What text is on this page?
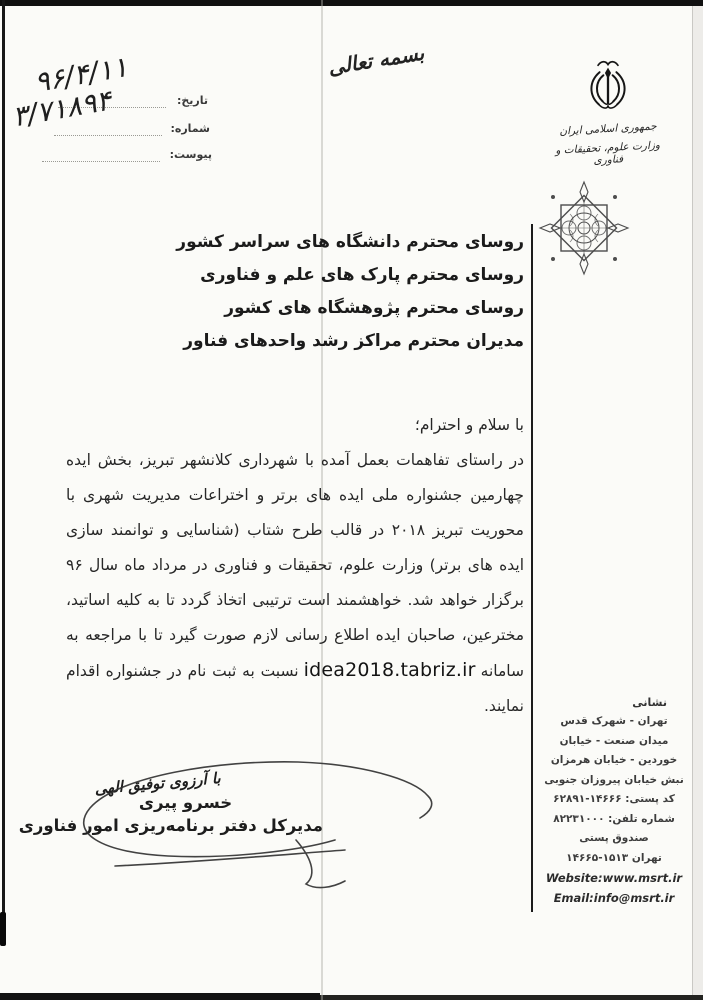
تاریخ:
شماره:
پیوست:
۹۶/۴/۱۱
۳/۷۱۸۹۴
بسمه تعالی
جمهوری اسلامی ایران
وزارت علوم، تحقیقات و فناوری
روسای محترم دانشگاه های سراسر کشور
روسای محترم پارک های علم و فناوری
روسای محترم پژوهشگاه های کشور
مدیران محترم مراکز رشد واحدهای فناور
با سلام و احترام؛
در راستای تفاهمات بعمل آمده با شهرداری کلانشهر تبریز، بخش ایده
چهارمین جشنواره ملی ایده های برتر و اختراعات مدیریت شهری با
محوریت تبریز ۲۰۱۸ در قالب طرح شتاب (شناسایی و توانمند سازی
ایده های برتر) وزارت علوم، تحقیقات و فناوری در مرداد ماه سال ۹۶
برگزار خواهد شد. خواهشمند است ترتیبی اتخاذ گردد تا به کلیه اساتید،
مخترعین، صاحبان ایده اطلاع رسانی لازم صورت گیرد تا با مراجعه به
سامانهidea2018.tabriz.irنسبت به ثبت نام در جشنواره اقدام
نمایند.
با آرزوی توفیق الهی
خسرو پیری
مدیرکل دفتر برنامه‌ریزی امور فناوری
نشانی
تهران - شهرک قدس
میدان صنعت - خیابان
خوردین - خیابان هرمزان
نبش خیابان پیروزان جنوبی
کد پستی: ۱۴۶۶۶-۶۲۸۹۱
شماره تلفن: ۸۲۲۳۱۰۰۰
صندوق پستی
تهران ۱۵۱۳-۱۴۶۶۵
Website:www.msrt.ir
Email:info@msrt.ir
